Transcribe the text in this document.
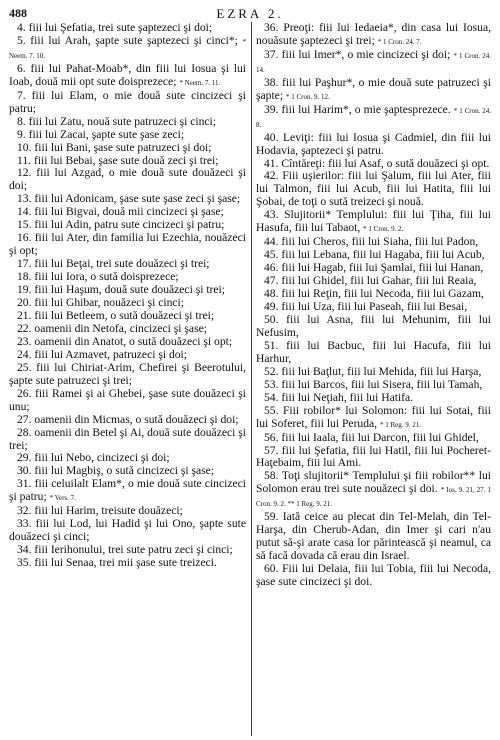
488	EZRA 2.

4. fiii lui Şefatia, trei sute şaptezeci şi doi;

5. fiii lui Arah, şapte sute şaptezeci şi cinci*; * Neem. 7. 10.

6. fiii lui Pahat-Moab*, din fiii lui Iosua şi lui Ioab, două mii opt sute doisprezece; * Neem. 7. 11.

7. fiii lui Elam, o mie două sute cincizeci şi patru;

8. fiii lui Zatu, nouă sute patruzeci şi cinci;

9. fiii lui Zacai, şapte sute şase zeci;

10. fiii lui Bani, şase sute patruzeci şi doi;

11. fiii lui Bebai, şase sute două zeci şi trei;

12. fiii lui Azgad, o mie două sute douăzeci şi doi;

13. fiii lui Adonicam, şase sute şase zeci şi şase;

14. fiii lui Bigvai, două mii cincizeci şi şase;

15. fiii lui Adin, patru sute cincizeci şi patru;

16. fiii lui Ater, din familia lui Ezechia, nouăzeci şi opt;

17. fiii lui Beţai, trei sute douăzeci şi trei;

18. fiii lui Iora, o sută doisprezece;

19. fiii lui Haşum, două sute douăzeci şi trei;

20. fiii lui Ghibar, nouăzeci şi cinci;

21. fiii lui Betleem, o sută douăzeci şi trei;

22. oamenii din Netofa, cincizeci şi şase;

23. oamenii din Anatot, o sută douăzeci şi opt;

24. fiii lui Azmavet, patruzeci şi doi;

25. fiii lui Chiriat-Arim, Chefirei şi Beerotului, şapte sute patruzeci şi trei;

26. fiii Ramei şi ai Ghebei, şase sute douăzeci şi unu;

27. oamenii din Micmas, o sută douăzeci şi doi;

28. oamenii din Betel şi Ai, două sute douăzeci şi trei;

29. fiii lui Nebo, cincizeci şi doi;

30. fiii lui Magbiş, o sută cincizeci şi şase;

31. fiii celuilalt Elam*, o mie două sute cincizeci şi patru; * Vers. 7.

32. fiii lui Harim, treisute douăzeci;

33. fiii lui Lod, lui Hadid şi lui Ono, şapte sute douăzeci şi cinci;

34. fiii Ierihonului, trei sute patru zeci şi cinci;

35. fiii lui Senaa, trei mii şase sute treizeci.

36. Preoţi: fiii lui Iedaeia*, din casa lui Iosua, nouăsute şaptezeci şi trei; * 1 Cron. 24. 7.

37. fiii lui Imer*, o mie cincizeci şi doi; * 1 Cron. 24. 14.

38. fiii lui Paşhur*, o mie două sute patruzeci şi şapte; * 1 Cron. 9. 12.

39. fiii lui Harim*, o mie şaptesprezece. * 1 Cron. 24. 8.

40. Leviţi: fiii lui Iosua şi Cadmiel, din fiii lui Hodavia, şaptezeci şi patru.

41. Cîntăreţi: fiii lui Asaf, o sută douăzeci şi opt.

42. Fiii uşierilor: fiii lui Şalum, fiii lui Ater, fiii lui Talmon, fiii lui Acub, fiii lui Hatita, fiii lui Şobai, de toţi o sută treizeci şi nouă.

43. Slujitorii* Templului: fiii lui Ţiha, fiii lui Hasufa, fiii lui Tabaot, * 1 Cron. 9. 2.

44. fiii lui Cheros, fiii lui Siaha, fiii lui Padon,

45. fiii lui Lebana, fiii lui Hagaba, fiii lui Acub,

46. fiii lui Hagab, fiii lui Şamlai, fiii lui Hanan,

47. fiii lui Ghidel, fiii lui Gahar, fiii lui Reaia,

48. fiii lui Reţin, fiii lui Necoda, fiii lui Gazam,

49. fiii lui Uza, fiii lui Paseah, fiii lui Besai,

50. fiii lui Asna, fiii lui Mehunim, fiii lui Nefusim,

51. fiii lui Bacbuc, fiii lui Hacufa, fiii lui Harhur,

52. fiii lui Baţlut, fiii lui Mehida, fiii lui Harşa,

53. fiii lui Barcos, fiii lui Sisera, fiii lui Tamah,

54. fiii lui Neţiah, fiii lui Hatifa.

55. Fiii robilor* lui Solomon: fiii lui Sotai, fiii lui Soferet, fiii lui Peruda, * 1 Reg. 9. 21.

56. fiii lui Iaala, fiii lui Darcon, fiii lui Ghidel,

57. fiii lui Şefatia, fiii lui Hatil, fiii lui Pocheret-Haţebaim, fiii lui Ami.

58. Toţi slujitorii* Templului şi fiii robilor** lui Solomon erau trei sute nouăzeci şi doi. * Ios. 9. 21, 27. 1 Cron. 9. 2. ** 1 Reg. 9. 21.

59. Iată ceice au plecat din Tel-Melah, din Tel-Harşa, din Cherub-Adan, din Imer şi cari n'au putut să-şi arate casa lor părintească şi neamul, ca să facă dovada că erau din Israel.

60. Fiii lui Delaia, fiii lui Tobia, fiii lui Necoda, şase sute cincizeci şi doi.
